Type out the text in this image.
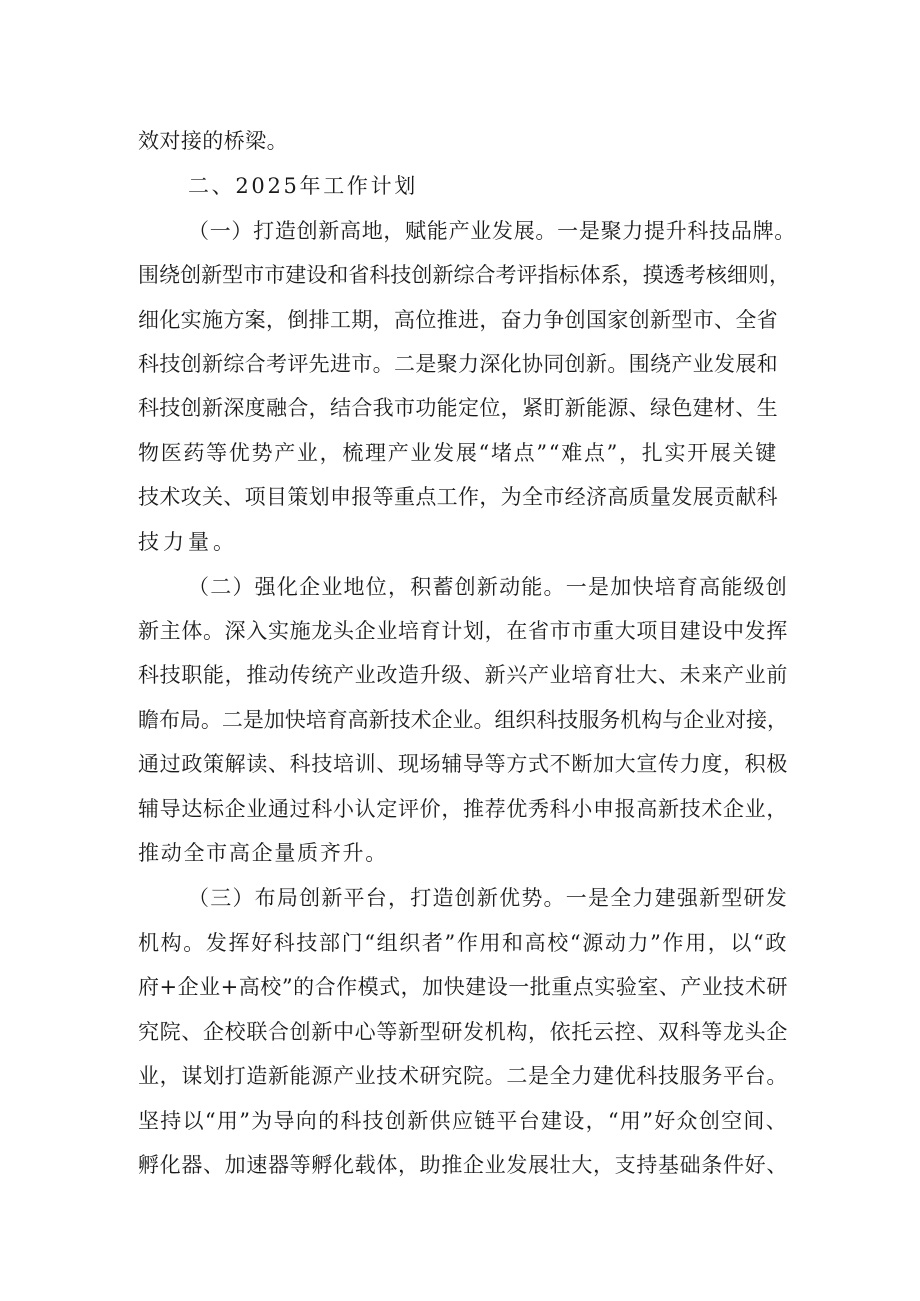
效对接的桥梁。
二、2025年工作计划
（一）打造创新高地，赋能产业发展。一是聚力提升科技品牌。
围绕创新型市市建设和省科技创新综合考评指标体系，摸透考核细则，
细化实施方案，倒排工期，高位推进，奋力争创国家创新型市、全省
科技创新综合考评先进市。二是聚力深化协同创新。围绕产业发展和
科技创新深度融合，结合我市功能定位，紧盯新能源、绿色建材、生
物医药等优势产业，梳理产业发展“堵点”“难点”，扎实开展关键
技术攻关、项目策划申报等重点工作，为全市经济高质量发展贡献科
技力量。
（二）强化企业地位，积蓄创新动能。一是加快培育高能级创
新主体。深入实施龙头企业培育计划，在省市市重大项目建设中发挥
科技职能，推动传统产业改造升级、新兴产业培育壮大、未来产业前
瞻布局。二是加快培育高新技术企业。组织科技服务机构与企业对接，
通过政策解读、科技培训、现场辅导等方式不断加大宣传力度，积极
辅导达标企业通过科小认定评价，推荐优秀科小申报高新技术企业，
推动全市高企量质齐升。
（三）布局创新平台，打造创新优势。一是全力建强新型研发
机构。发挥好科技部门“组织者”作用和高校“源动力”作用，以“政
府+企业+高校”的合作模式，加快建设一批重点实验室、产业技术研
究院、企校联合创新中心等新型研发机构，依托云控、双科等龙头企
业，谋划打造新能源产业技术研究院。二是全力建优科技服务平台。
坚持以“用”为导向的科技创新供应链平台建设，“用”好众创空间、
孵化器、加速器等孵化载体，助推企业发展壮大，支持基础条件好、
